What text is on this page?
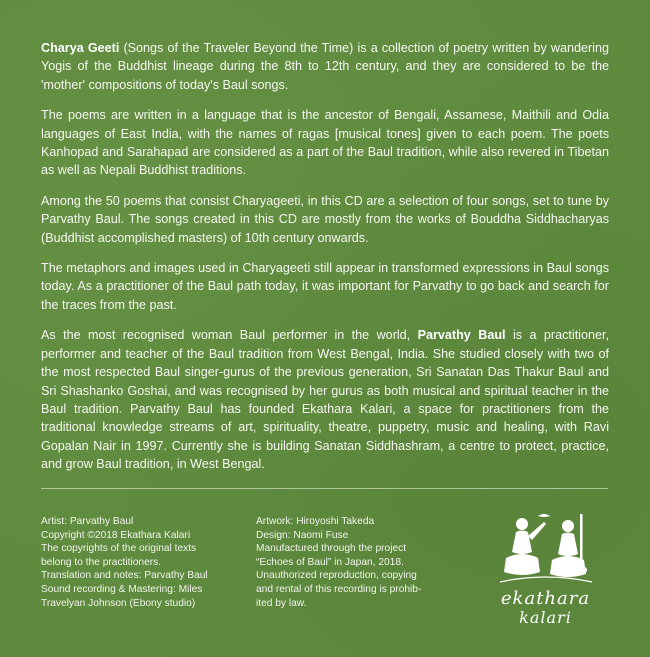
Charya Geeti (Songs of the Traveler Beyond the Time) is a collection of poetry written by wandering Yogis of the Buddhist lineage during the 8th to 12th century, and they are considered to be the 'mother' compositions of today's Baul songs.

The poems are written in a language that is the ancestor of Bengali, Assamese, Maithili and Odia languages of East India, with the names of ragas [musical tones] given to each poem. The poets Kanhopad and Sarahapad are considered as a part of the Baul tradition, while also revered in Tibetan as well as Nepali Buddhist traditions.

Among the 50 poems that consist Charyageeti, in this CD are a selection of four songs, set to tune by Parvathy Baul. The songs created in this CD are mostly from the works of Bouddha Siddhacharyas (Buddhist accomplished masters) of 10th century onwards.

The metaphors and images used in Charyageeti still appear in transformed expressions in Baul songs today. As a practitioner of the Baul path today, it was important for Parvathy to go back and search for the traces from the past.

As the most recognised woman Baul performer in the world, Parvathy Baul is a practitioner, performer and teacher of the Baul tradition from West Bengal, India. She studied closely with two of the most respected Baul singer-gurus of the previous generation, Sri Sanatan Das Thakur Baul and Sri Shashanko Goshai, and was recognised by her gurus as both musical and spiritual teacher in the Baul tradition. Parvathy Baul has founded Ekathara Kalari, a space for practitioners from the traditional knowledge streams of art, spirituality, theatre, puppetry, music and healing, with Ravi Gopalan Nair in 1997. Currently she is building Sanatan Siddhashram, a centre to protect, practice, and grow Baul tradition, in West Bengal.

Artist: Parvathy Baul
Copyright ©2018 Ekathara Kalari
The copyrights of the original texts
belong to the practitioners.
Translation and notes: Parvathy Baul
Sound recording & Mastering: Miles
Travelyan Johnson (Ebony studio)
Artwork: Hiroyoshi Takeda
Design: Naomi Fuse
Manufactured through the project
“Echoes of Baul” in Japan, 2018.
Unauthorized reproduction, copying
and rental of this recording is prohib-
ited by law.	ekathara
kalari
